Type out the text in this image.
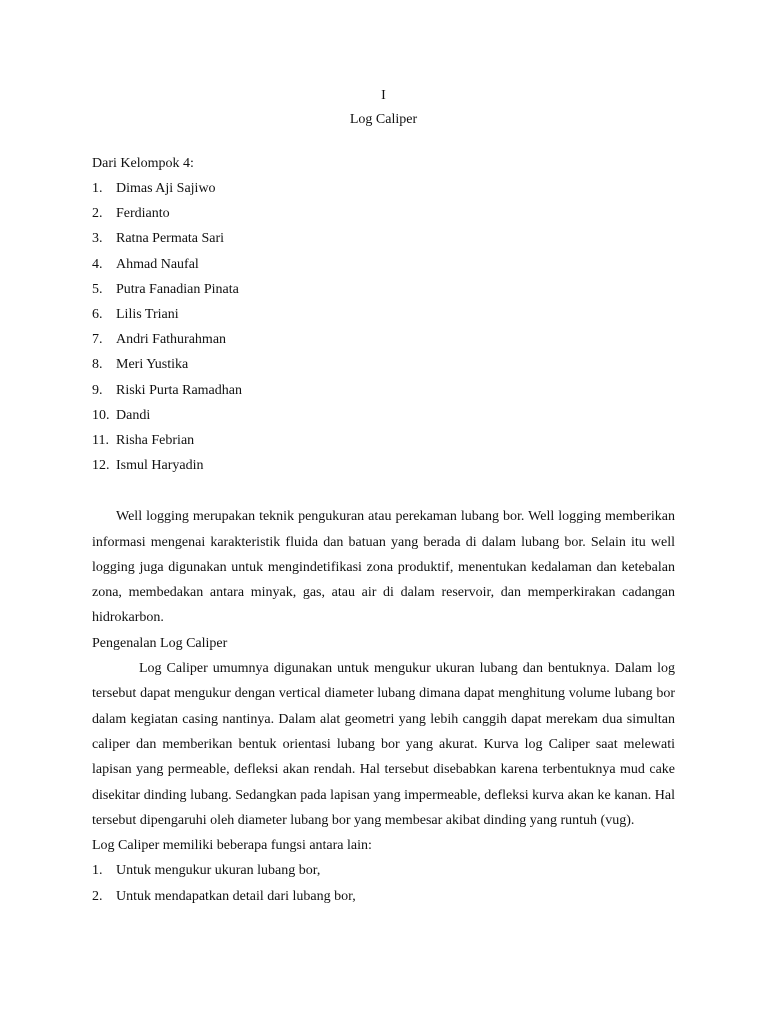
I
Log Caliper
Dari Kelompok 4:
1. Dimas Aji Sajiwo
2. Ferdianto
3. Ratna Permata Sari
4. Ahmad Naufal
5. Putra Fanadian Pinata
6. Lilis Triani
7. Andri Fathurahman
8. Meri Yustika
9. Riski Purta Ramadhan
10. Dandi
11. Risha Febrian
12. Ismul Haryadin

Well logging merupakan teknik pengukuran atau perekaman lubang bor. Well logging memberikan informasi mengenai karakteristik fluida dan batuan yang berada di dalam lubang bor. Selain itu well logging juga digunakan untuk mengindetifikasi zona produktif, menentukan kedalaman dan ketebalan zona, membedakan antara minyak, gas, atau air di dalam reservoir, dan memperkirakan cadangan hidrokarbon.

Pengenalan Log Caliper

Log Caliper umumnya digunakan untuk mengukur ukuran lubang dan bentuknya. Dalam log tersebut dapat mengukur dengan vertical diameter lubang dimana dapat menghitung volume lubang bor dalam kegiatan casing nantinya. Dalam alat geometri yang lebih canggih dapat merekam dua simultan caliper dan memberikan bentuk orientasi lubang bor yang akurat. Kurva log Caliper saat melewati lapisan yang permeable, defleksi akan rendah. Hal tersebut disebabkan karena terbentuknya mud cake disekitar dinding lubang. Sedangkan pada lapisan yang impermeable, defleksi kurva akan ke kanan. Hal tersebut dipengaruhi oleh diameter lubang bor yang membesar akibat dinding yang runtuh (vug).

Log Caliper memiliki beberapa fungsi antara lain:
1. Untuk mengukur ukuran lubang bor,
2. Untuk mendapatkan detail dari lubang bor,
